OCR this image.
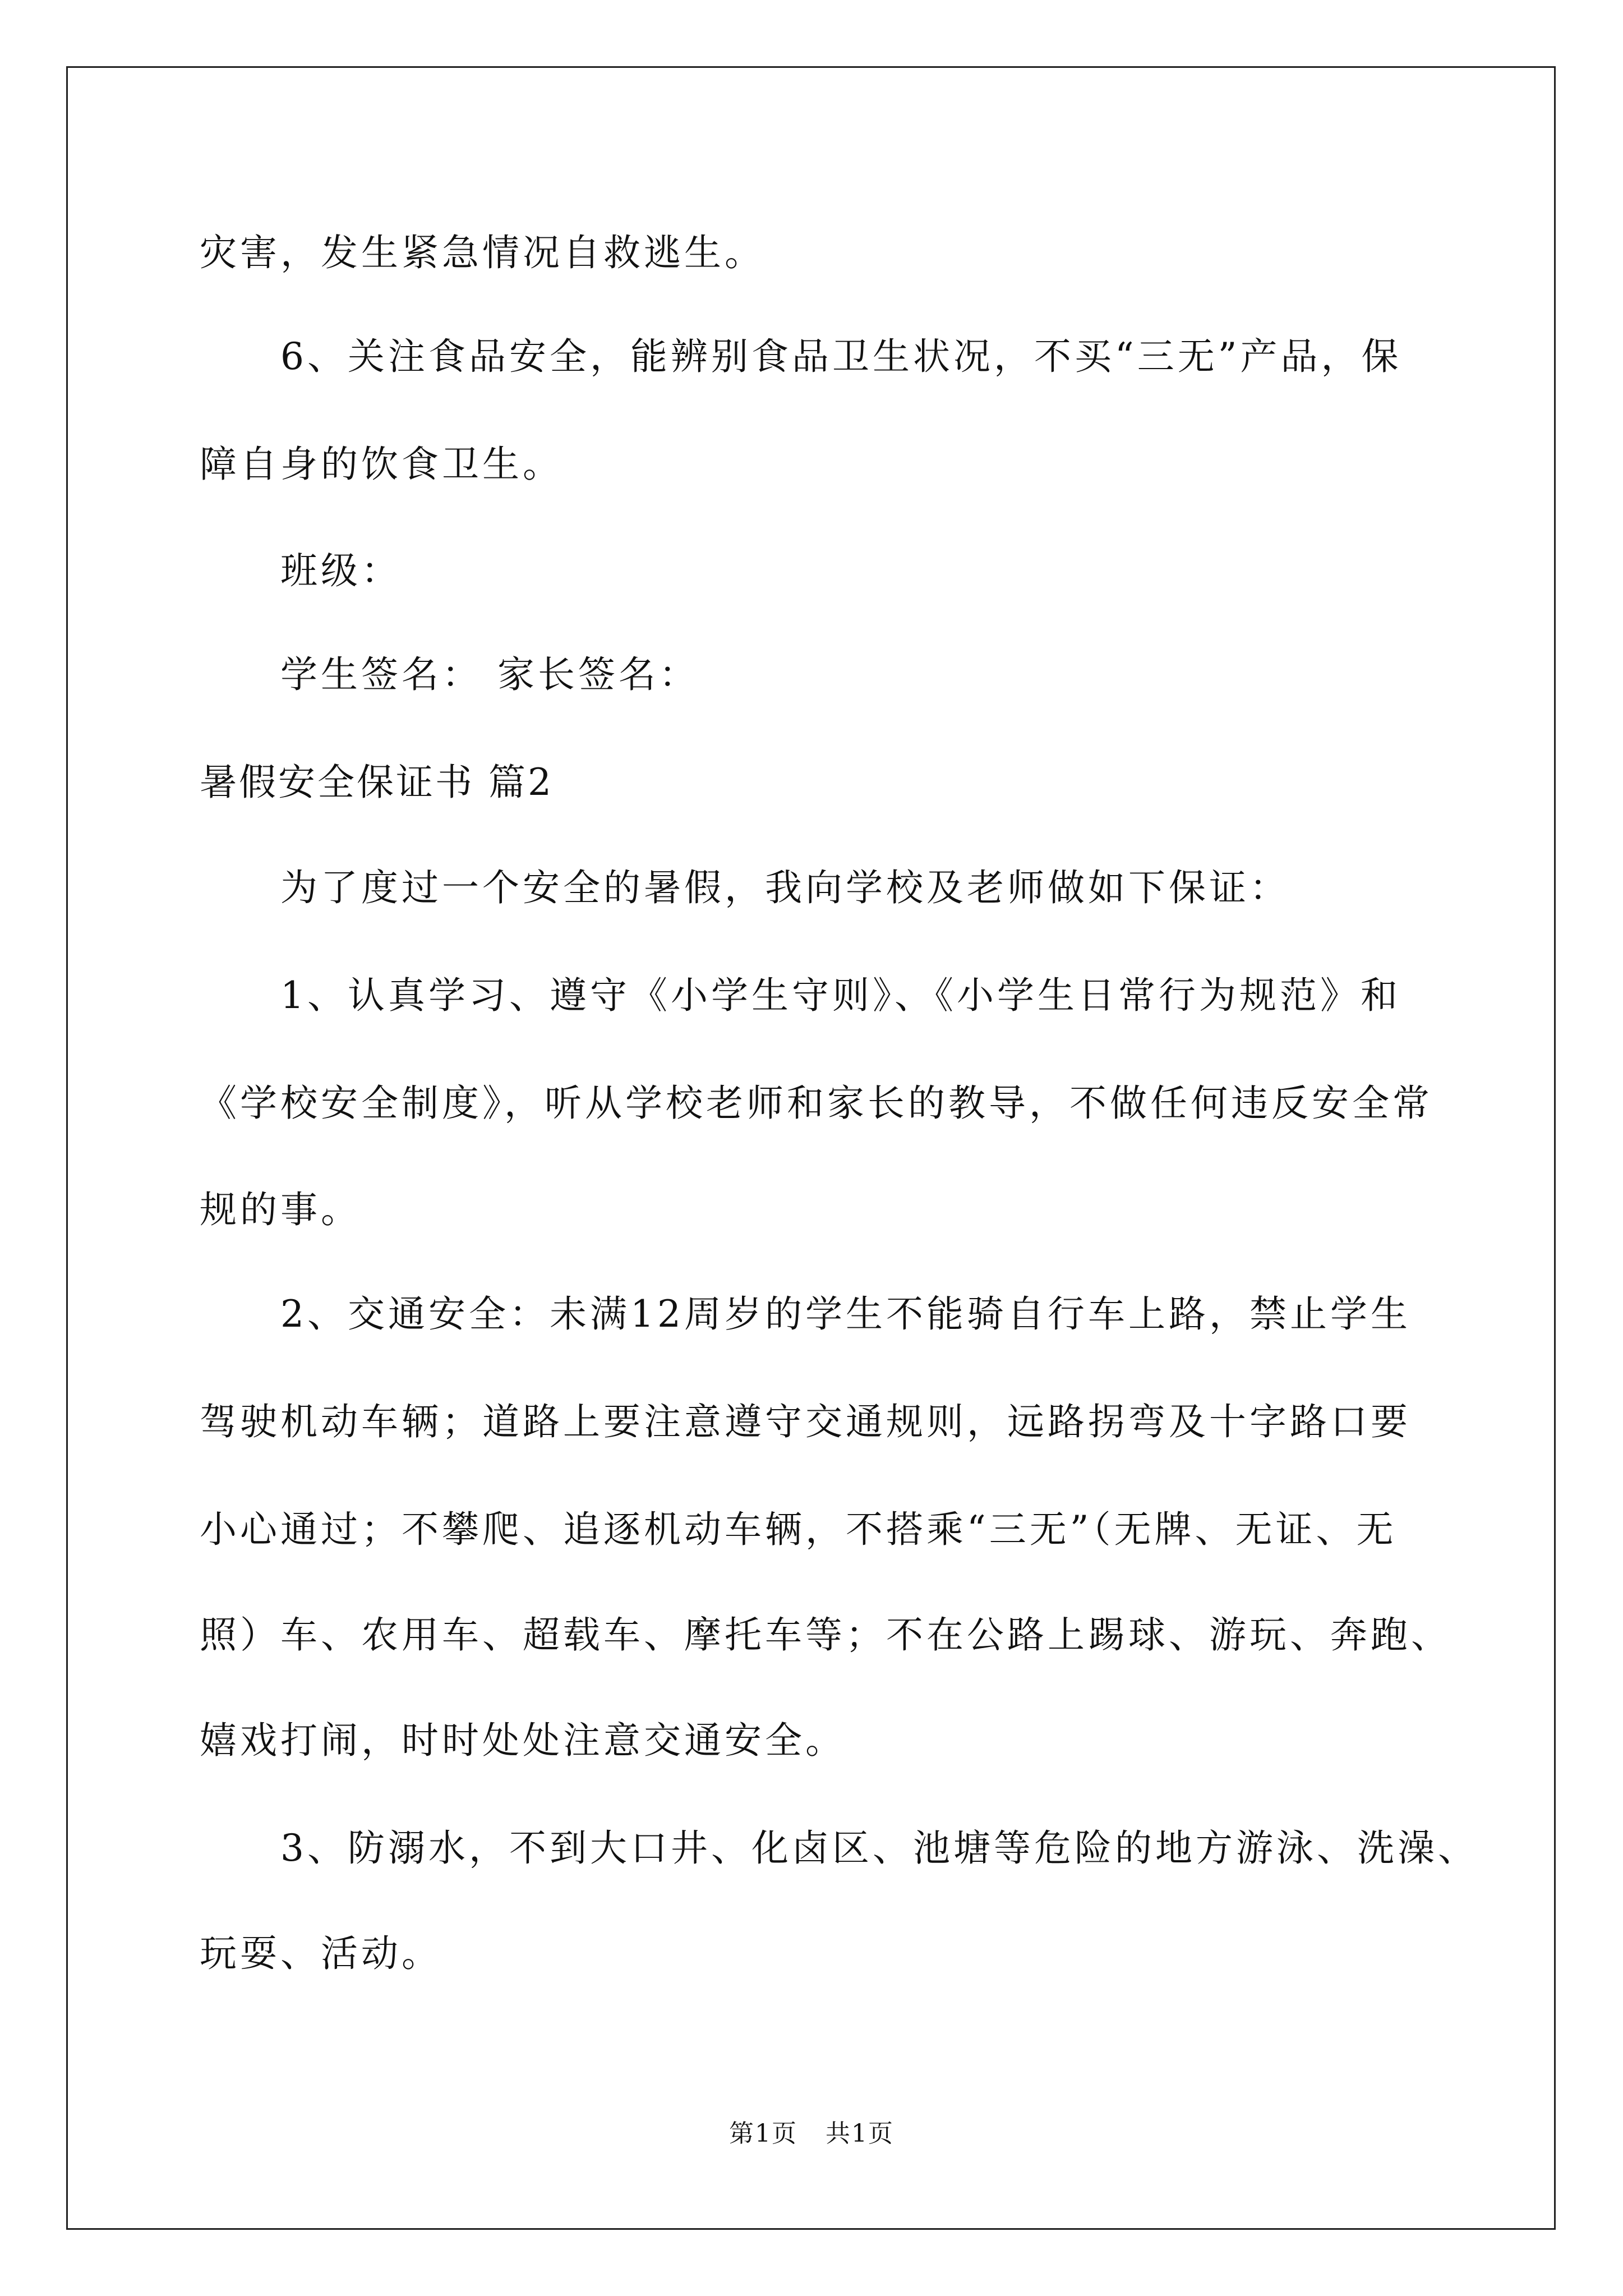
灾害，发生紧急情况自救逃生。
6、关注食品安全，能辨别食品卫生状况，不买“三无”产品，保
障自身的饮食卫生。
班级：
学生签名： 家长签名：
暑假安全保证书 篇2
为了度过一个安全的暑假，我向学校及老师做如下保证：
1、认真学习、遵守《小学生守则》、《小学生日常行为规范》和
《学校安全制度》，听从学校老师和家长的教导，不做任何违反安全常
规的事。
2、交通安全：未满12周岁的学生不能骑自行车上路，禁止学生
驾驶机动车辆；道路上要注意遵守交通规则，远路拐弯及十字路口要
小心通过；不攀爬、追逐机动车辆，不搭乘“三无”（无牌、无证、无
照）车、农用车、超载车、摩托车等；不在公路上踢球、游玩、奔跑、
嬉戏打闹，时时处处注意交通安全。
3、防溺水，不到大口井、化卤区、池塘等危险的地方游泳、洗澡、
玩耍、活动。
第1页 共1页
